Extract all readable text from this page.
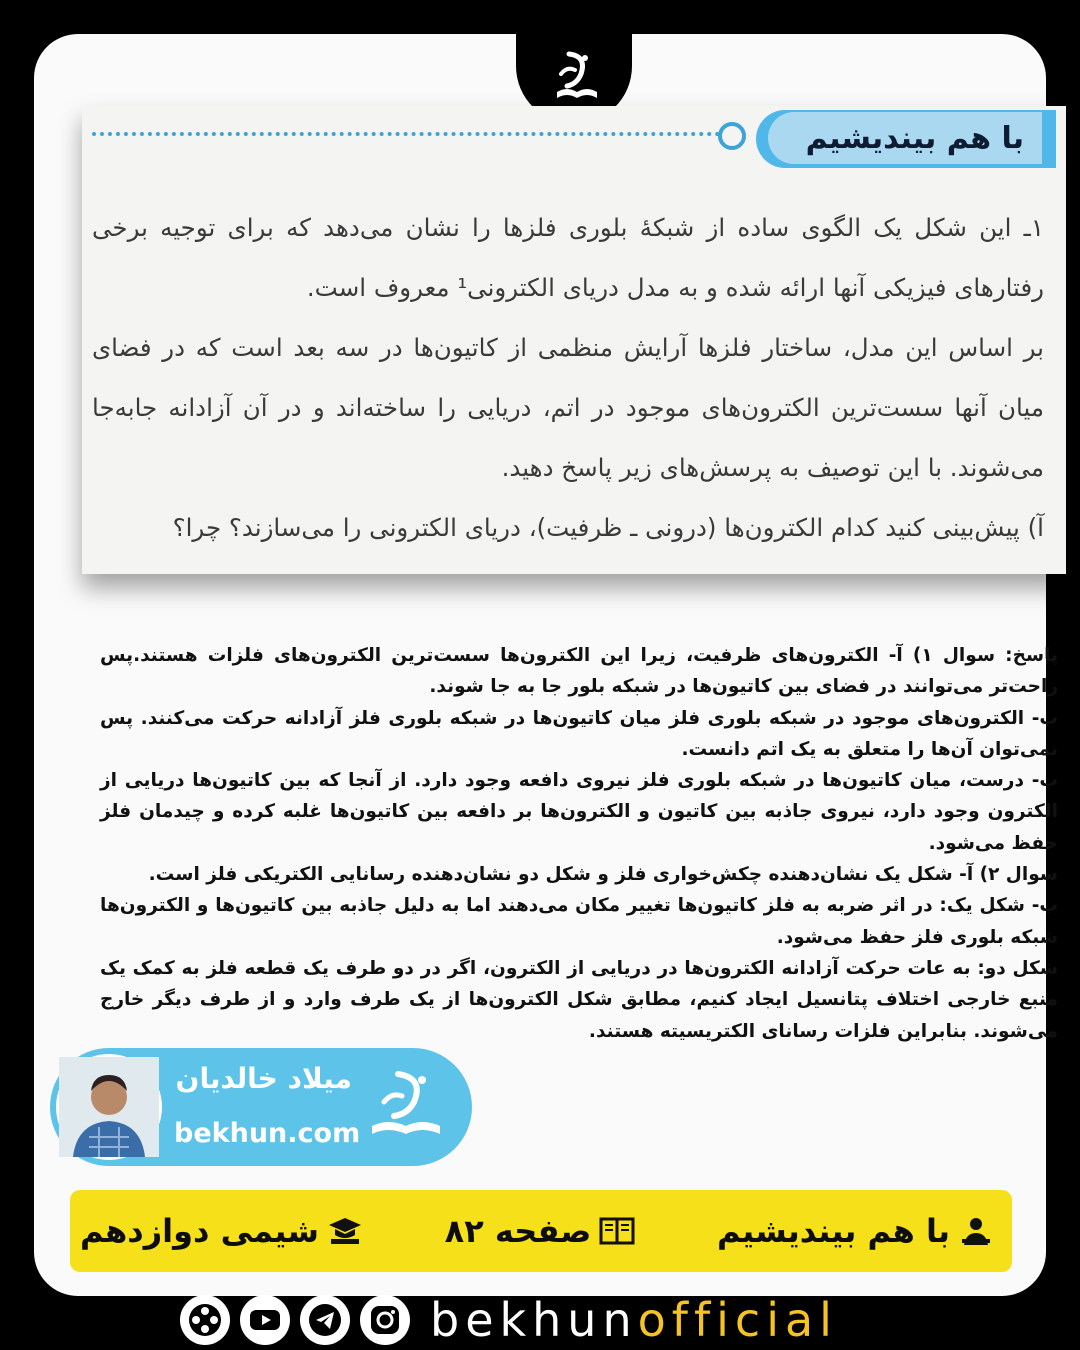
با هم بیندیشیم

۱ـ این شکل یک الگوی ساده از شبکهٔ بلوری فلزها را نشان می‌دهد که برای توجیه برخی رفتارهای فیزیکی آنها ارائه شده و به مدل دریای الکترونی¹ معروف است.

بر اساس این مدل، ساختار فلزها آرایش منظمی از کاتیون‌ها در سه بعد است که در فضای میان آنها سست‌ترین الکترون‌های موجود در اتم، دریایی را ساخته‌اند و در آن آزادانه جابه‌جا می‌شوند. با این توصیف به پرسش‌های زیر پاسخ دهید.

آ) پیش‌بینی کنید کدام الکترون‌ها (درونی ـ ظرفیت)، دریای الکترونی را می‌سازند؟ چرا؟

پاسخ: سوال ۱) آ- الکترون‌های ظرفیت، زیرا این الکترون‌ها سست‌ترین الکترون‌های فلزات هستند.پس راحت‌تر می‌توانند در فضای بین کاتیون‌ها در شبکه بلور جا به جا شوند.

ب- الکترون‌های موجود در شبکه بلوری فلز میان کاتیون‌ها در شبکه بلوری فلز آزادانه حرکت می‌کنند. پس نمی‌توان آن‌ها را متعلق به یک اتم دانست.

پ- درست، میان کاتیون‌ها در شبکه بلوری فلز نیروی دافعه وجود دارد. از آنجا که بین کاتیون‌ها دریایی از الکترون وجود دارد، نیروی جاذبه بین کاتیون و الکترون‌ها بر دافعه بین کاتیون‌ها غلبه کرده و چیدمان فلز حفظ می‌شود.

سوال ۲) آ- شکل یک نشان‌دهنده چکش‌خواری فلز و شکل دو نشان‌دهنده رسانایی الکتریکی فلز است.

ب- شکل یک: در اثر ضربه به فلز کاتیون‌ها تغییر مکان می‌دهند اما به دلیل جاذبه بین کاتیون‌ها و الکترون‌ها شبکه بلوری فلز حفظ می‌شود.

شکل دو: به عات حرکت آزادانه الکترون‌ها در دریایی از الکترون، اگر در دو طرف یک قطعه فلز به کمک یک منبع خارجی اختلاف پتانسیل ایجاد کنیم، مطابق شکل الکترون‌ها از یک طرف وارد و از طرف دیگر خارج می‌شوند. بنابراین فلزات رسانای الکتریسیته هستند.

میلاد خالدیان
bekhun.com
با هم بیندیشیم
صفحه ۸۲
شیمی دوازدهم
bekhunofficial
